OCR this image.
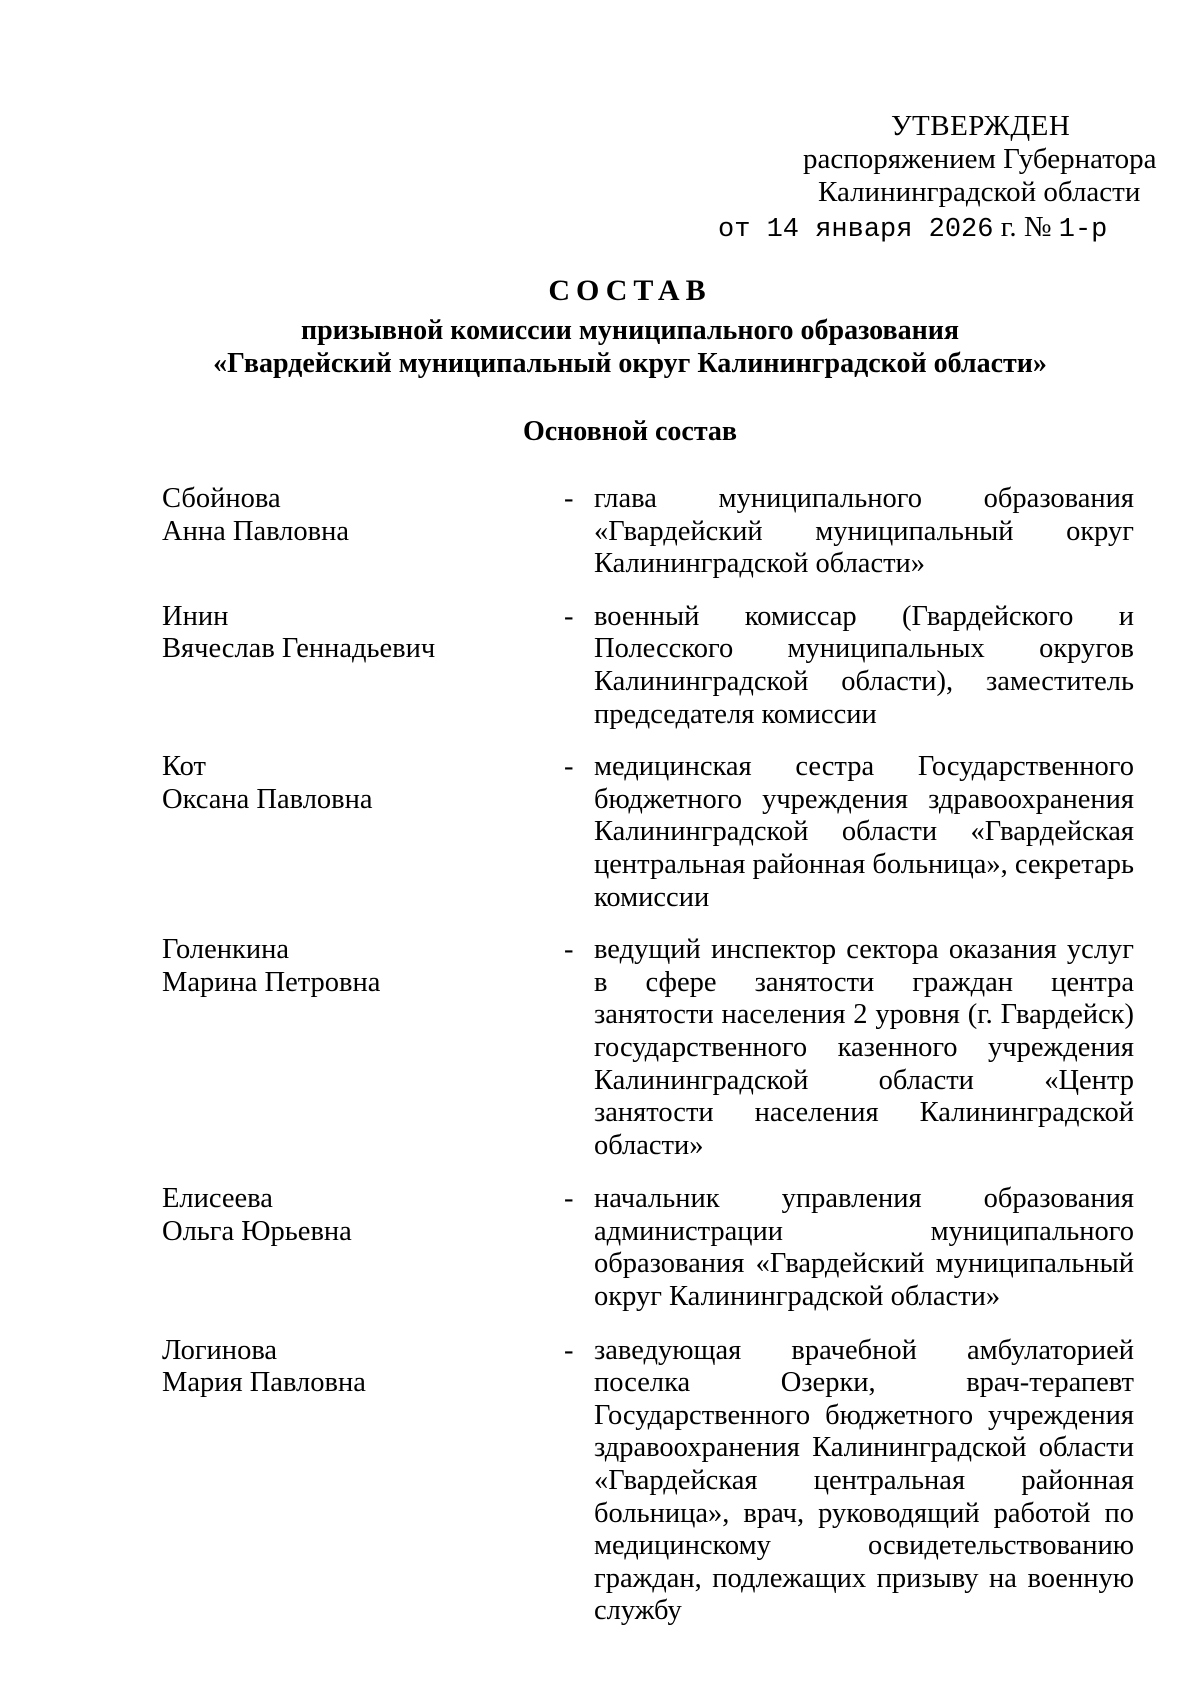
УТВЕРЖДЕН
распоряжением Губернатора
Калининградской области
от 14 января 2026 г. № 1-р
СОСТАВ
призывной комиссии муниципального образования
«Гвардейский муниципальный округ Калининградской области»
Основной состав
Сбойнова
Анна Павловна
- глава муниципального образования «Гвардейский муниципальный округ Калининградской области»
Инин
Вячеслав Геннадьевич
- военный комиссар (Гвардейского и Полесского муниципальных округов Калининградской области), заместитель председателя комиссии
Кот
Оксана Павловна
- медицинская сестра Государственного бюджетного учреждения здравоохранения Калининградской области «Гвардейская центральная районная больница», секретарь комиссии
Голенкина
Марина Петровна
- ведущий инспектор сектора оказания услуг в сфере занятости граждан центра занятости населения 2 уровня (г. Гвардейск) государственного казенного учреждения Калининградской области «Центр занятости населения Калининградской области»
Елисеева
Ольга Юрьевна
- начальник управления образования администрации муниципального образования «Гвардейский муниципальный округ Калининградской области»
Логинова
Мария Павловна
- заведующая врачебной амбулаторией поселка Озерки, врач-терапевт Государственного бюджетного учреждения здравоохранения Калининградской области «Гвардейская центральная районная больница», врач, руководящий работой по медицинскому освидетельствованию граждан, подлежащих призыву на военную службу
